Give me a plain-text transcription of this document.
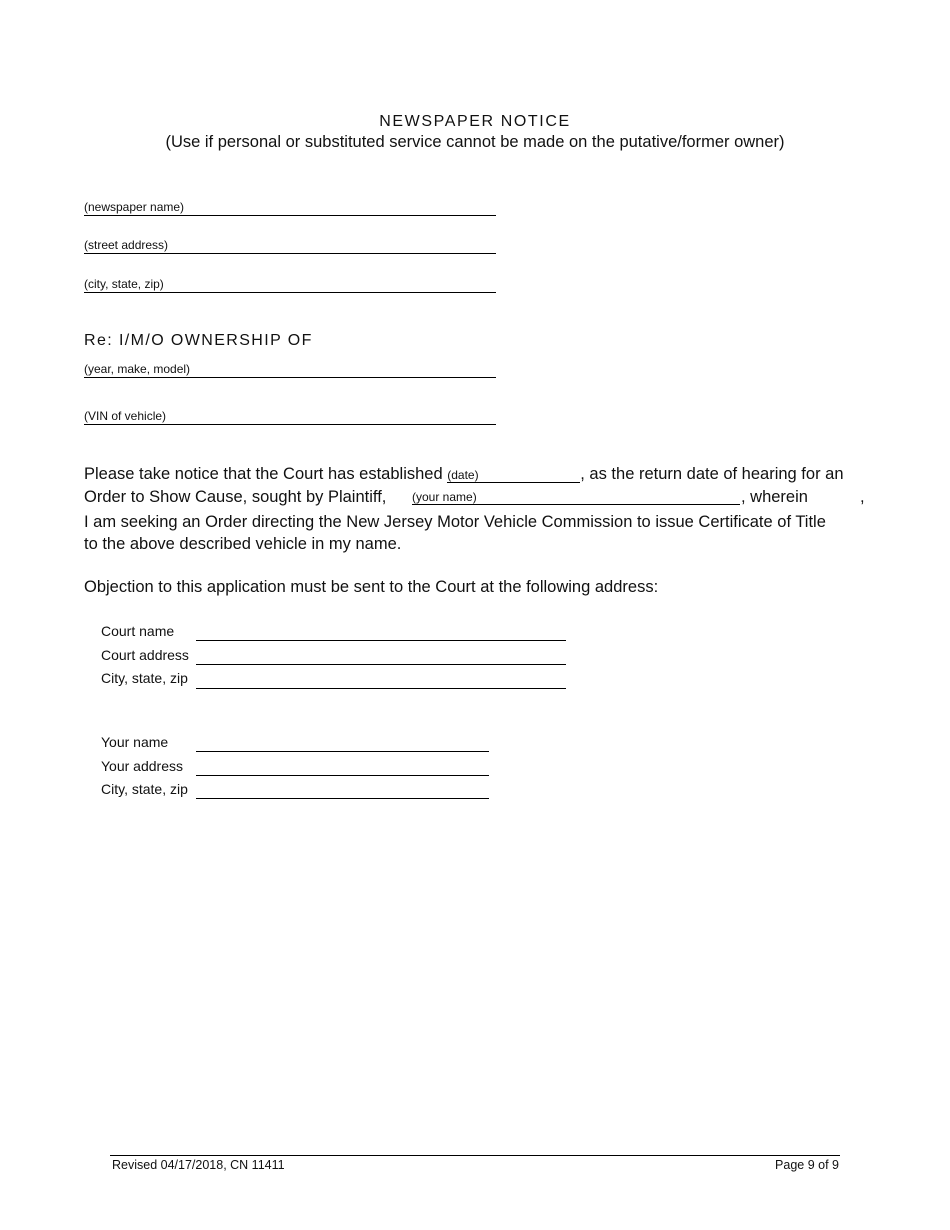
NEWSPAPER NOTICE
(Use if personal or substituted service cannot be made on the putative/former owner)
(newspaper name)
(street address)
(city, state, zip)
Re: I/M/O OWNERSHIP OF
(year, make, model)
(VIN of vehicle)
Please take notice that the Court has established (date)	, as the return date of hearing for an
Order to Show Cause, sought by Plaintiff, (your name)	, wherein	,
I am seeking an Order directing the New Jersey Motor Vehicle Commission to issue Certificate of Title
to the above described vehicle in my name.
Objection to this application must be sent to the Court at the following address:
Court name
Court address
City, state, zip
Your name
Your address
City, state, zip
Revised 04/17/2018, CN 11411	Page 9 of 9
